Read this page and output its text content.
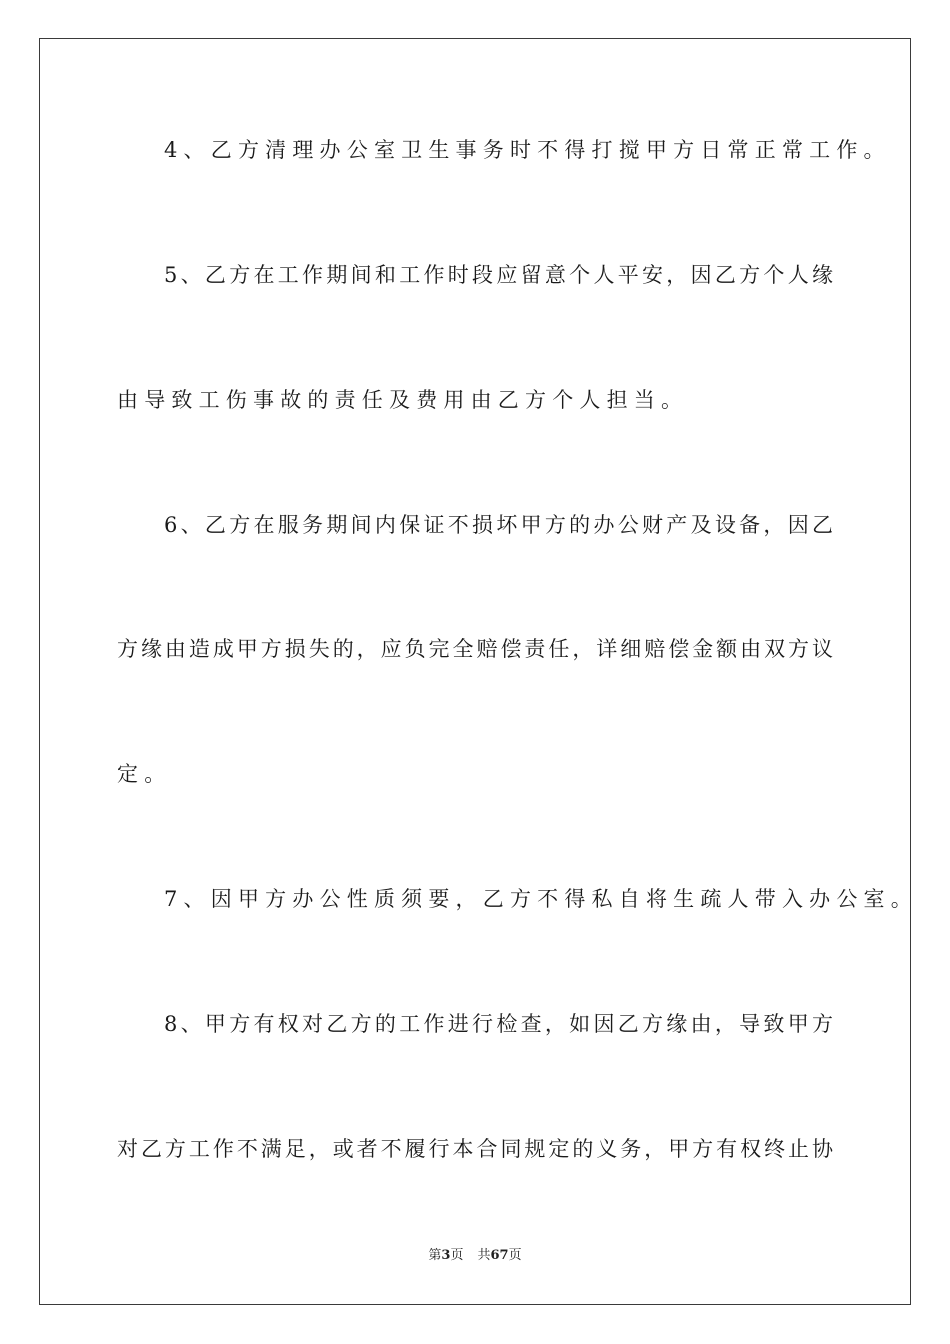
4、乙方清理办公室卫生事务时不得打搅甲方日常正常工作。
5、乙方在工作期间和工作时段应留意个人平安，因乙方个人缘
由导致工伤事故的责任及费用由乙方个人担当。
6、乙方在服务期间内保证不损坏甲方的办公财产及设备，因乙
方缘由造成甲方损失的，应负完全赔偿责任，详细赔偿金额由双方议
定。
7、因甲方办公性质须要，乙方不得私自将生疏人带入办公室。
8、甲方有权对乙方的工作进行检查，如因乙方缘由，导致甲方
对乙方工作不满足，或者不履行本合同规定的义务，甲方有权终止协
第3页 共67页
